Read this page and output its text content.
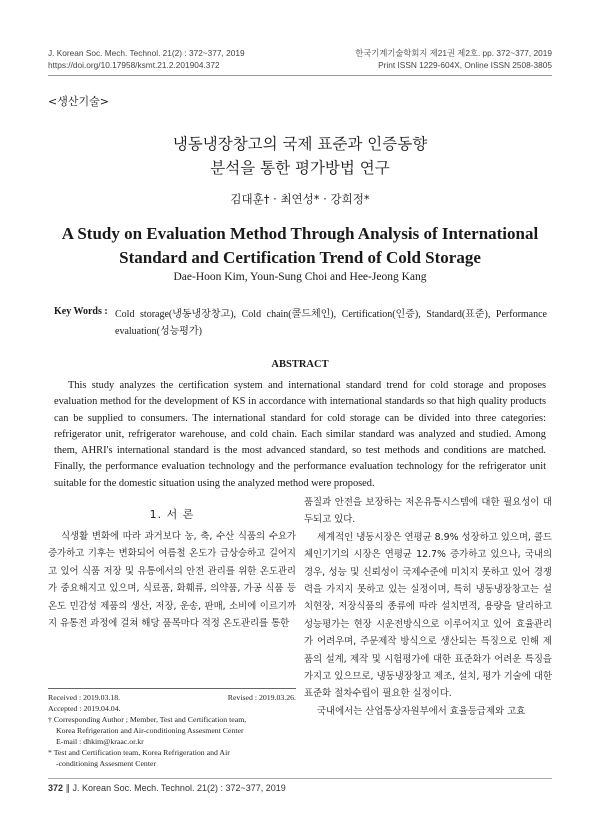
J. Korean Soc. Mech. Technol. 21(2) : 372~377, 2019
https://doi.org/10.17958/ksmt.21.2.201904.372
한국기계기술학회지 제21권 제2호. pp. 372~377, 2019
Print ISSN 1229-604X, Online ISSN 2508-3805
<생산기술>
냉동냉장창고의 국제 표준과 인증동향
분석을 통한 평가방법 연구
김대훈† · 최연성* · 강희정*
A Study on Evaluation Method Through Analysis of International
Standard and Certification Trend of Cold Storage
Dae-Hoon Kim, Youn-Sung Choi and Hee-Jeong Kang
Key Words : Cold storage(냉동냉장창고), Cold chain(콜드체인), Certification(인증), Standard(표준), Performance evaluation(성능평가)
ABSTRACT
This study analyzes the certification system and international standard trend for cold storage and proposes evaluation method for the development of KS in accordance with international standards so that high quality products can be supplied to consumers. The international standard for cold storage can be divided into three categories: refrigerator unit, refrigerator warehouse, and cold chain. Each similar standard was analyzed and studied. Among them, AHRI's international standard is the most advanced standard, so test methods and conditions are matched. Finally, the performance evaluation technology and the performance evaluation technology for the refrigerator unit suitable for the domestic situation using the analyzed method were proposed.
1. 서 론

식생활 변화에 따라 과거보다 농, 축, 수산 식품의 수요가 증가하고 기후는 변화되어 여름철 온도가 급상승하고 길어지고 있어 식품 저장 및 유통에서의 안전 관리를 위한 온도관리가 중요해지고 있으며, 식료품, 화훼류, 의약품, 가공 식품 등 온도 민감성 제품의 생산, 저장, 운송, 판매, 소비에 이르기까지 유통전 과정에 걸쳐 해당 품목마다 적정 온도관리를 통한

품질과 안전을 보장하는 저온유통시스템에 대한 필요성이 대두되고 있다.

세계적인 냉동시장은 연평균 8.9% 성장하고 있으며, 콜드체인기기의 시장은 연평균 12.7% 증가하고 있으나, 국내의 경우, 성능 및 신뢰성이 국제수준에 미치지 못하고 있어 경쟁력을 가지지 못하고 있는 실정이며, 특히 냉동냉장창고는 설치현장, 저장식품의 종류에 따라 설치면적, 용량을 달리하고 성능평가는 현장 시운전방식으로 이루어지고 있어 효율관리가 어려우며, 주문제작 방식으로 생산되는 특징으로 인해 제품의 설계, 제작 및 시험평가에 대한 표준화가 어려운 특징을 가지고 있으므로, 냉동냉장창고 제조, 설치, 평가 기술에 대한 표준화 절차수립이 필요한 실정이다.

국내에서는 산업통상자원부에서 효율등급제와 고효

Received : 2019.03.18.	Revised : 2019.03.26.
Accepted : 2019.04.04.
† Corresponding Author ; Member, Test and Certification team,
Korea Refrigeration and Air-conditioning Assesment Center
E-mail : dhkim@kraac.or.kr
* Test and Certification team, Korea Refrigeration and Air
-conditioning Assesment Center
372 ∥ J. Korean Soc. Mech. Technol. 21(2) : 372~377, 2019
